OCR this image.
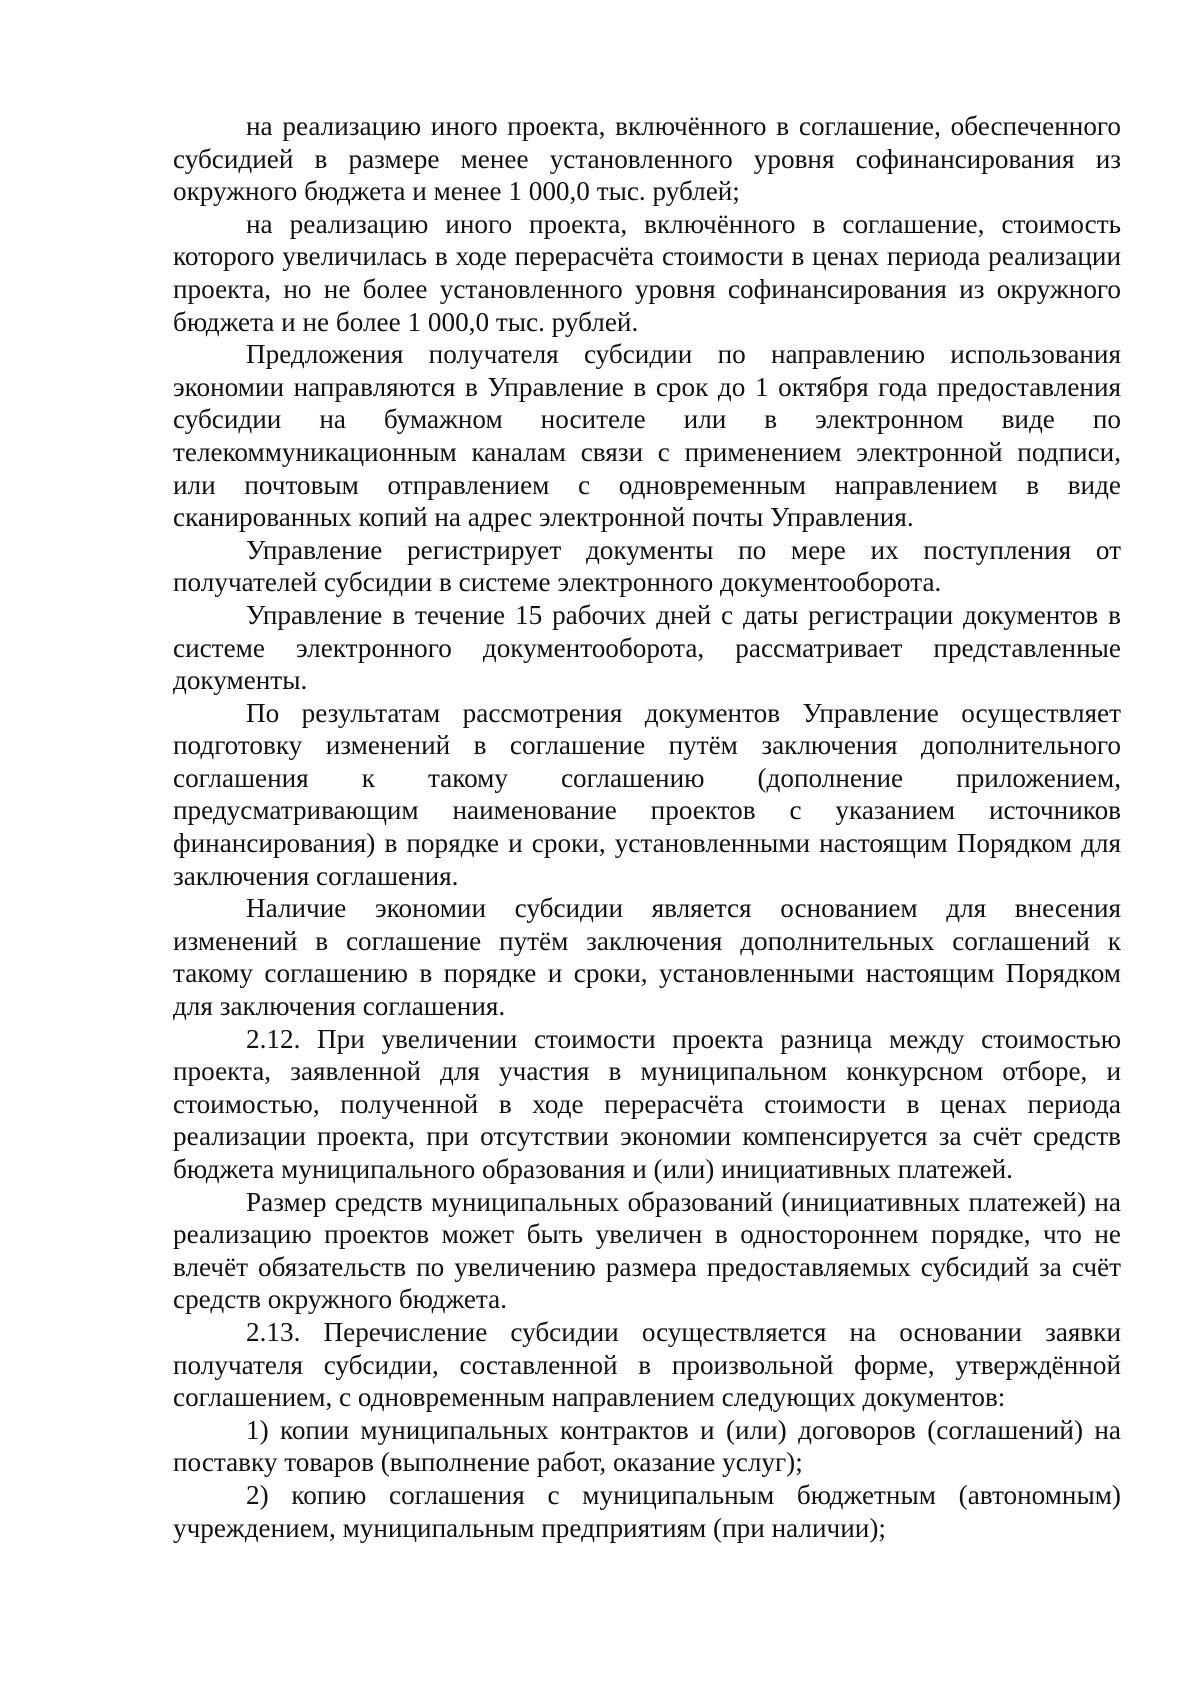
на реализацию иного проекта, включённого в соглашение, обеспеченного субсидией в размере менее установленного уровня софинансирования из окружного бюджета и менее 1 000,0 тыс. рублей;

на реализацию иного проекта, включённого в соглашение, стоимость которого увеличилась в ходе перерасчёта стоимости в ценах периода реализации проекта, но не более установленного уровня софинансирования из окружного бюджета и не более 1 000,0 тыс. рублей.

Предложения получателя субсидии по направлению использования экономии направляются в Управление в срок до 1 октября года предоставления субсидии на бумажном носителе или в электронном виде по телекоммуникационным каналам связи с применением электронной подписи, или почтовым отправлением с одновременным направлением в виде сканированных копий на адрес электронной почты Управления.

Управление регистрирует документы по мере их поступления от получателей субсидии в системе электронного документооборота.

Управление в течение 15 рабочих дней с даты регистрации документов в системе электронного документооборота, рассматривает представленные документы.

По результатам рассмотрения документов Управление осуществляет подготовку изменений в соглашение путём заключения дополнительного соглашения к такому соглашению (дополнение приложением, предусматривающим наименование проектов с указанием источников финансирования) в порядке и сроки, установленными настоящим Порядком для заключения соглашения.

Наличие экономии субсидии является основанием для внесения изменений в соглашение путём заключения дополнительных соглашений к такому соглашению в порядке и сроки, установленными настоящим Порядком для заключения соглашения.

2.12. При увеличении стоимости проекта разница между стоимостью проекта, заявленной для участия в муниципальном конкурсном отборе, и стоимостью, полученной в ходе перерасчёта стоимости в ценах периода реализации проекта, при отсутствии экономии компенсируется за счёт средств бюджета муниципального образования и (или) инициативных платежей.

Размер средств муниципальных образований (инициативных платежей) на реализацию проектов может быть увеличен в одностороннем порядке, что не влечёт обязательств по увеличению размера предоставляемых субсидий за счёт средств окружного бюджета.

2.13. Перечисление субсидии осуществляется на основании заявки получателя субсидии, составленной в произвольной форме, утверждённой соглашением, с одновременным направлением следующих документов:

1) копии муниципальных контрактов и (или) договоров (соглашений) на поставку товаров (выполнение работ, оказание услуг);

2) копию соглашения с муниципальным бюджетным (автономным) учреждением, муниципальным предприятиям (при наличии);
